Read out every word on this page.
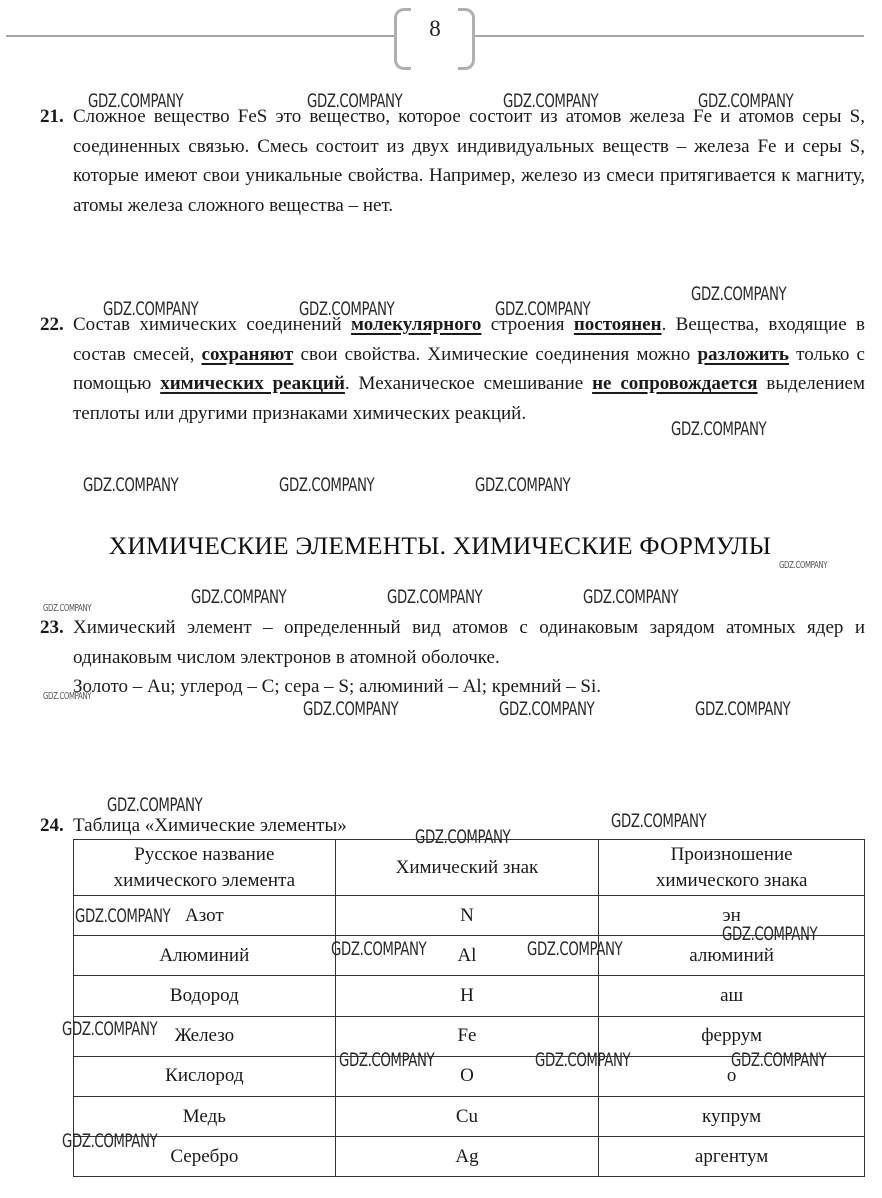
8
21. Сложное вещество FeS это вещество, которое состоит из атомов железа Fe и атомов серы S, соединенных связью. Смесь состоит из двух индивидуальных веществ – железа Fe и серы S, которые имеют свои уникальные свойства. Например, железо из смеси притягивается к магниту, атомы железа сложного вещества – нет.
22. Состав химических соединений молекулярного строения постоянен. Вещества, входящие в состав смесей, сохраняют свои свойства. Химические соединения можно разложить только с помощью химических реакций. Механическое смешивание не сопровождается выделением теплоты или другими признаками химических реакций.
ХИМИЧЕСКИЕ ЭЛЕМЕНТЫ. ХИМИЧЕСКИЕ ФОРМУЛЫ
23. Химический элемент – определенный вид атомов с одинаковым зарядом атомных ядер и одинаковым числом электронов в атомной оболочке.
Золото – Au; углерод – C; сера – S; алюминий – Al; кремний – Si.
24. Таблица «Химические элементы»
Русское название химического элемента	Химический знак	Произношение химического знака
Азот	N	эн
Алюминий	Al	алюминий
Водород	H	аш
Железо	Fe	феррум
Кислород	O	о
Медь	Cu	купрум
Серебро	Ag	аргентум
GDZ.COMPANY	GDZ.COMPANY	GDZ.COMPANY	GDZ.COMPANY
GDZ.COMPANY	GDZ.COMPANY	GDZ.COMPANY
GDZ.COMPANY
GDZ.COMPANY
GDZ.COMPANY	GDZ.COMPANY	GDZ.COMPANY
GDZ.COMPANY
GDZ.COMPANY	GDZ.COMPANY	GDZ.COMPANY
GDZ.COMPANY
GDZ.COMPANY
GDZ.COMPANY	GDZ.COMPANY	GDZ.COMPANY
GDZ.COMPANY
GDZ.COMPANY
GDZ.COMPANY
GDZ.COMPANY
GDZ.COMPANY
GDZ.COMPANY	GDZ.COMPANY
GDZ.COMPANY
GDZ.COMPANY	GDZ.COMPANY	GDZ.COMPANY
GDZ.COMPANY
